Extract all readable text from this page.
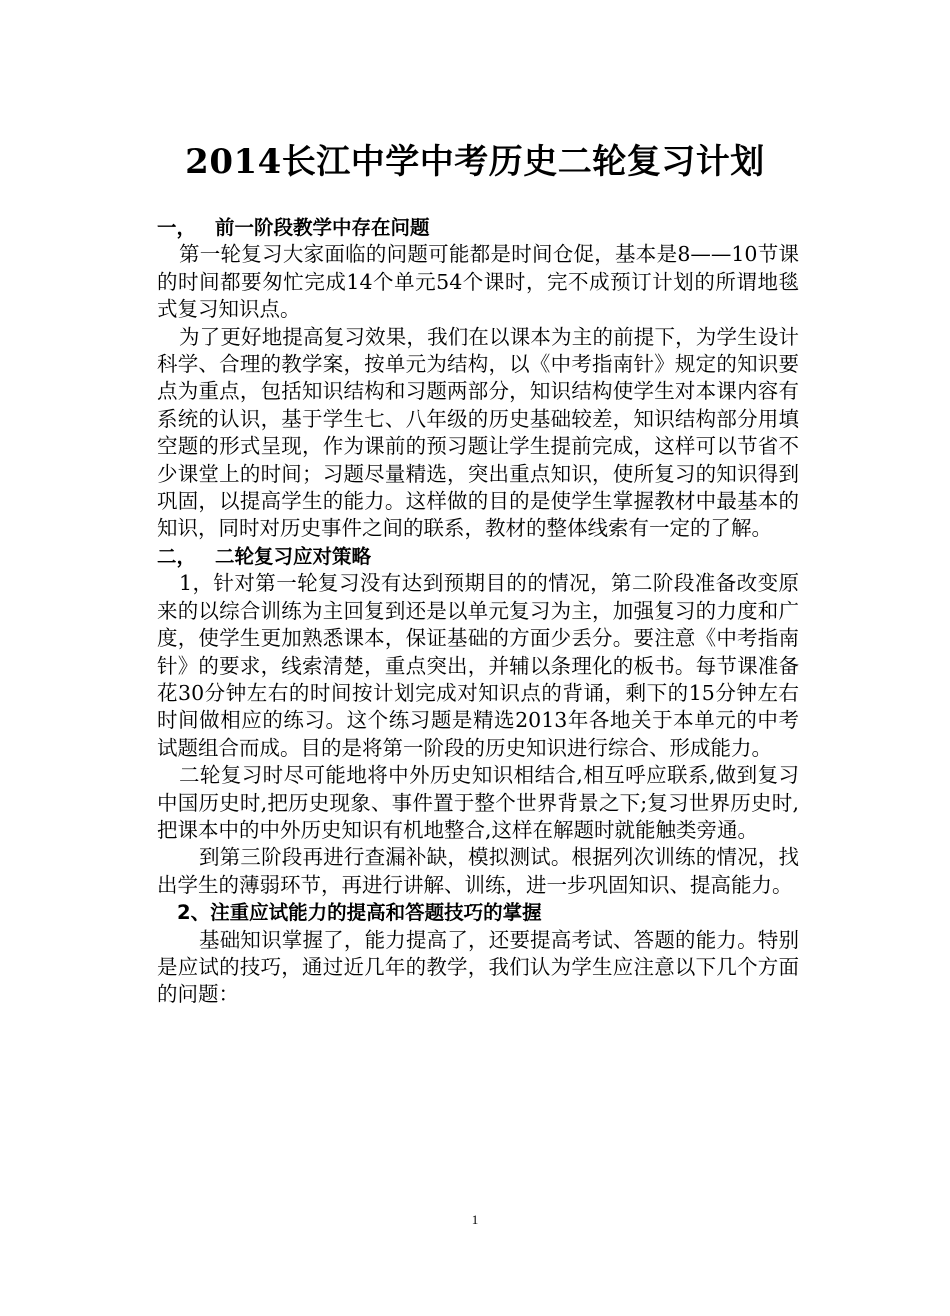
2014长江中学中考历史二轮复习计划
一， 前一阶段教学中存在问题
第一轮复习大家面临的问题可能都是时间仓促，基本是8——10节课的时间都要匆忙完成14个单元54个课时，完不成预订计划的所谓地毯式复习知识点。
为了更好地提高复习效果，我们在以课本为主的前提下，为学生设计科学、合理的教学案，按单元为结构，以《中考指南针》规定的知识要点为重点，包括知识结构和习题两部分，知识结构使学生对本课内容有系统的认识，基于学生七、八年级的历史基础较差，知识结构部分用填空题的形式呈现，作为课前的预习题让学生提前完成，这样可以节省不少课堂上的时间；习题尽量精选，突出重点知识，使所复习的知识得到巩固，以提高学生的能力。这样做的目的是使学生掌握教材中最基本的知识，同时对历史事件之间的联系，教材的整体线索有一定的了解。
二， 二轮复习应对策略
1，针对第一轮复习没有达到预期目的的情况，第二阶段准备改变原来的以综合训练为主回复到还是以单元复习为主，加强复习的力度和广度，使学生更加熟悉课本，保证基础的方面少丢分。要注意《中考指南针》的要求，线索清楚，重点突出，并辅以条理化的板书。每节课准备花30分钟左右的时间按计划完成对知识点的背诵，剩下的15分钟左右时间做相应的练习。这个练习题是精选2013年各地关于本单元的中考试题组合而成。目的是将第一阶段的历史知识进行综合、形成能力。
二轮复习时尽可能地将中外历史知识相结合,相互呼应联系,做到复习中国历史时,把历史现象、事件置于整个世界背景之下;复习世界历史时,把课本中的中外历史知识有机地整合,这样在解题时就能触类旁通。
到第三阶段再进行查漏补缺，模拟测试。根据列次训练的情况，找出学生的薄弱环节，再进行讲解、训练，进一步巩固知识、提高能力。
2、注重应试能力的提高和答题技巧的掌握
基础知识掌握了，能力提高了，还要提高考试、答题的能力。特别是应试的技巧，通过近几年的教学，我们认为学生应注意以下几个方面的问题：
1
